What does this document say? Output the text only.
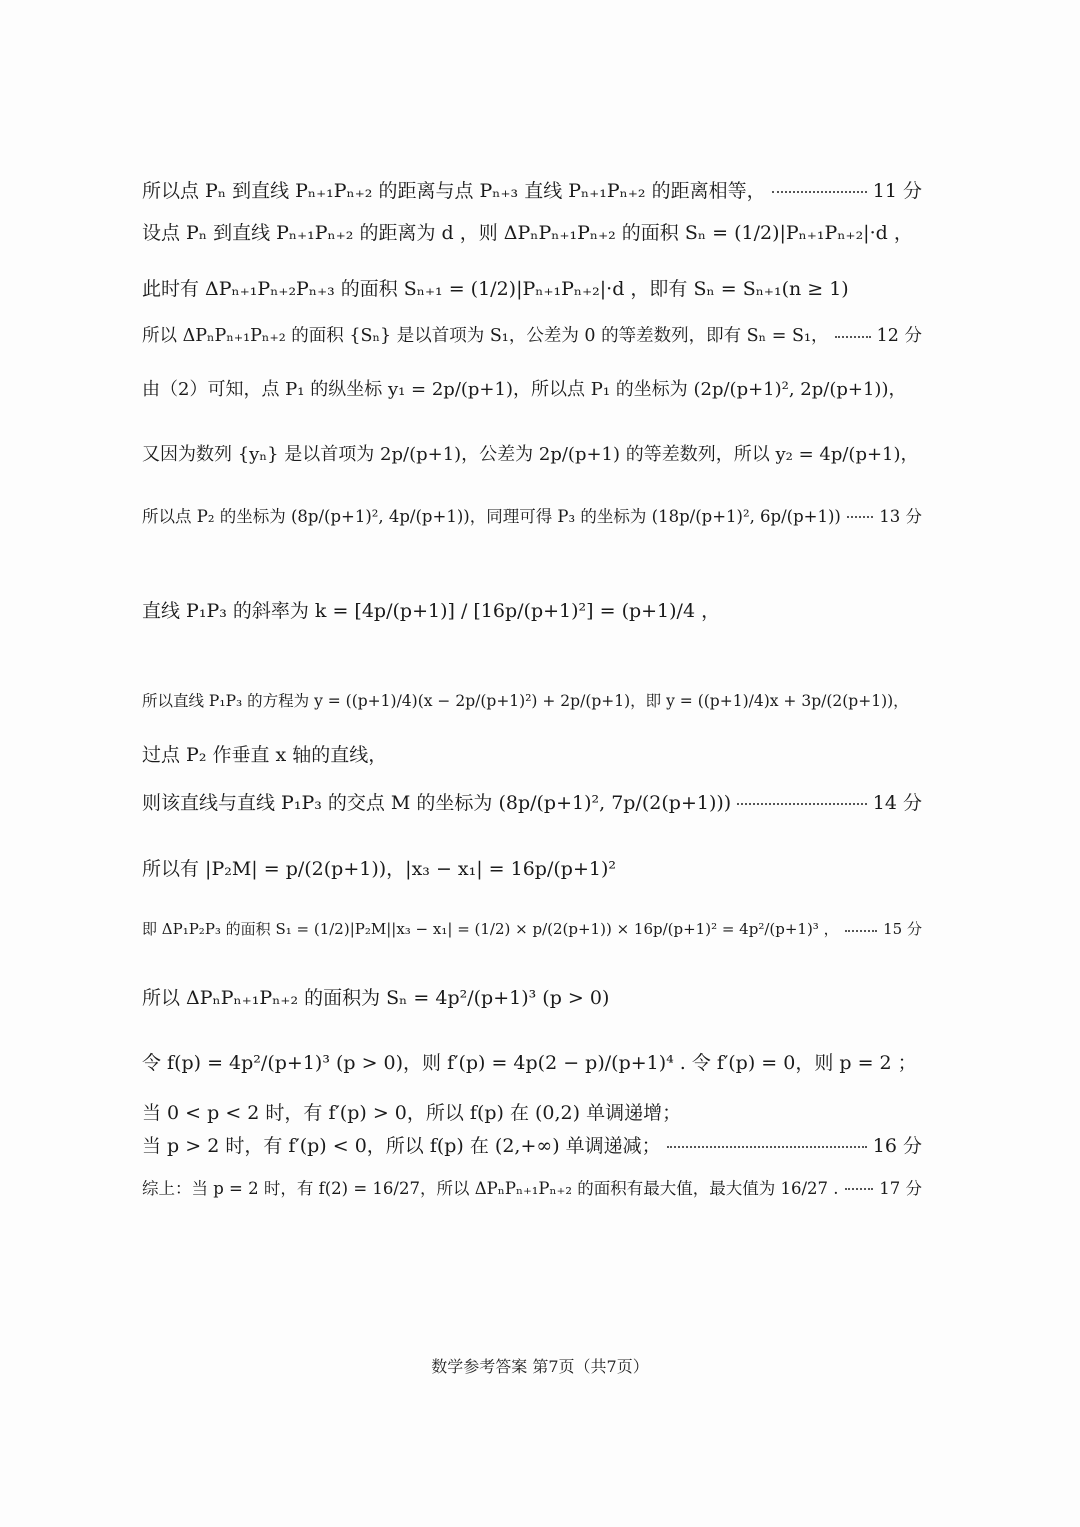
所以点 Pₙ 到直线 Pₙ₊₁Pₙ₊₂ 的距离与点 Pₙ₊₃ 直线 Pₙ₊₁Pₙ₊₂ 的距离相等，	11 分
设点 Pₙ 到直线 Pₙ₊₁Pₙ₊₂ 的距离为 d ，则 ΔPₙPₙ₊₁Pₙ₊₂ 的面积 Sₙ = (1/2)|Pₙ₊₁Pₙ₊₂|·d ，
此时有 ΔPₙ₊₁Pₙ₊₂Pₙ₊₃ 的面积 Sₙ₊₁ = (1/2)|Pₙ₊₁Pₙ₊₂|·d ，即有 Sₙ = Sₙ₊₁(n ≥ 1)
所以 ΔPₙPₙ₊₁Pₙ₊₂ 的面积 {Sₙ} 是以首项为 S₁，公差为 0 的等差数列，即有 Sₙ = S₁，	12 分
由（2）可知，点 P₁ 的纵坐标 y₁ = 2p/(p+1)，所以点 P₁ 的坐标为 (2p/(p+1)², 2p/(p+1))，
又因为数列 {yₙ} 是以首项为 2p/(p+1)，公差为 2p/(p+1) 的等差数列，所以 y₂ = 4p/(p+1)，
所以点 P₂ 的坐标为 (8p/(p+1)², 4p/(p+1))，同理可得 P₃ 的坐标为 (18p/(p+1)², 6p/(p+1)) 13 分
直线 P₁P₃ 的斜率为 k = [4p/(p+1)] / [16p/(p+1)²] = (p+1)/4 ，
所以直线 P₁P₃ 的方程为 y = ((p+1)/4)(x − 2p/(p+1)²) + 2p/(p+1)，即 y = ((p+1)/4)x + 3p/(2(p+1))，
过点 P₂ 作垂直 x 轴的直线，
则该直线与直线 P₁P₃ 的交点 M 的坐标为 (8p/(p+1)², 7p/(2(p+1)))	14 分
所以有 |P₂M| = p/(2(p+1))，|x₃ − x₁| = 16p/(p+1)²
即 ΔP₁P₂P₃ 的面积 S₁ = (1/2)|P₂M||x₃ − x₁| = (1/2) × p/(2(p+1)) × 16p/(p+1)² = 4p²/(p+1)³ ，	15 分
所以 ΔPₙPₙ₊₁Pₙ₊₂ 的面积为 Sₙ = 4p²/(p+1)³ (p > 0)
令 f(p) = 4p²/(p+1)³ (p > 0)，则 f′(p) = 4p(2 − p)/(p+1)⁴ . 令 f′(p) = 0，则 p = 2 ；
当 0 < p < 2 时，有 f′(p) > 0，所以 f(p) 在 (0,2) 单调递增；
当 p > 2 时，有 f′(p) < 0，所以 f(p) 在 (2,+∞) 单调递减；	16 分
综上：当 p = 2 时，有 f(2) = 16/27，所以 ΔPₙPₙ₊₁Pₙ₊₂ 的面积有最大值，最大值为 16/27 . 17 分
数学参考答案 第7页（共7页）
